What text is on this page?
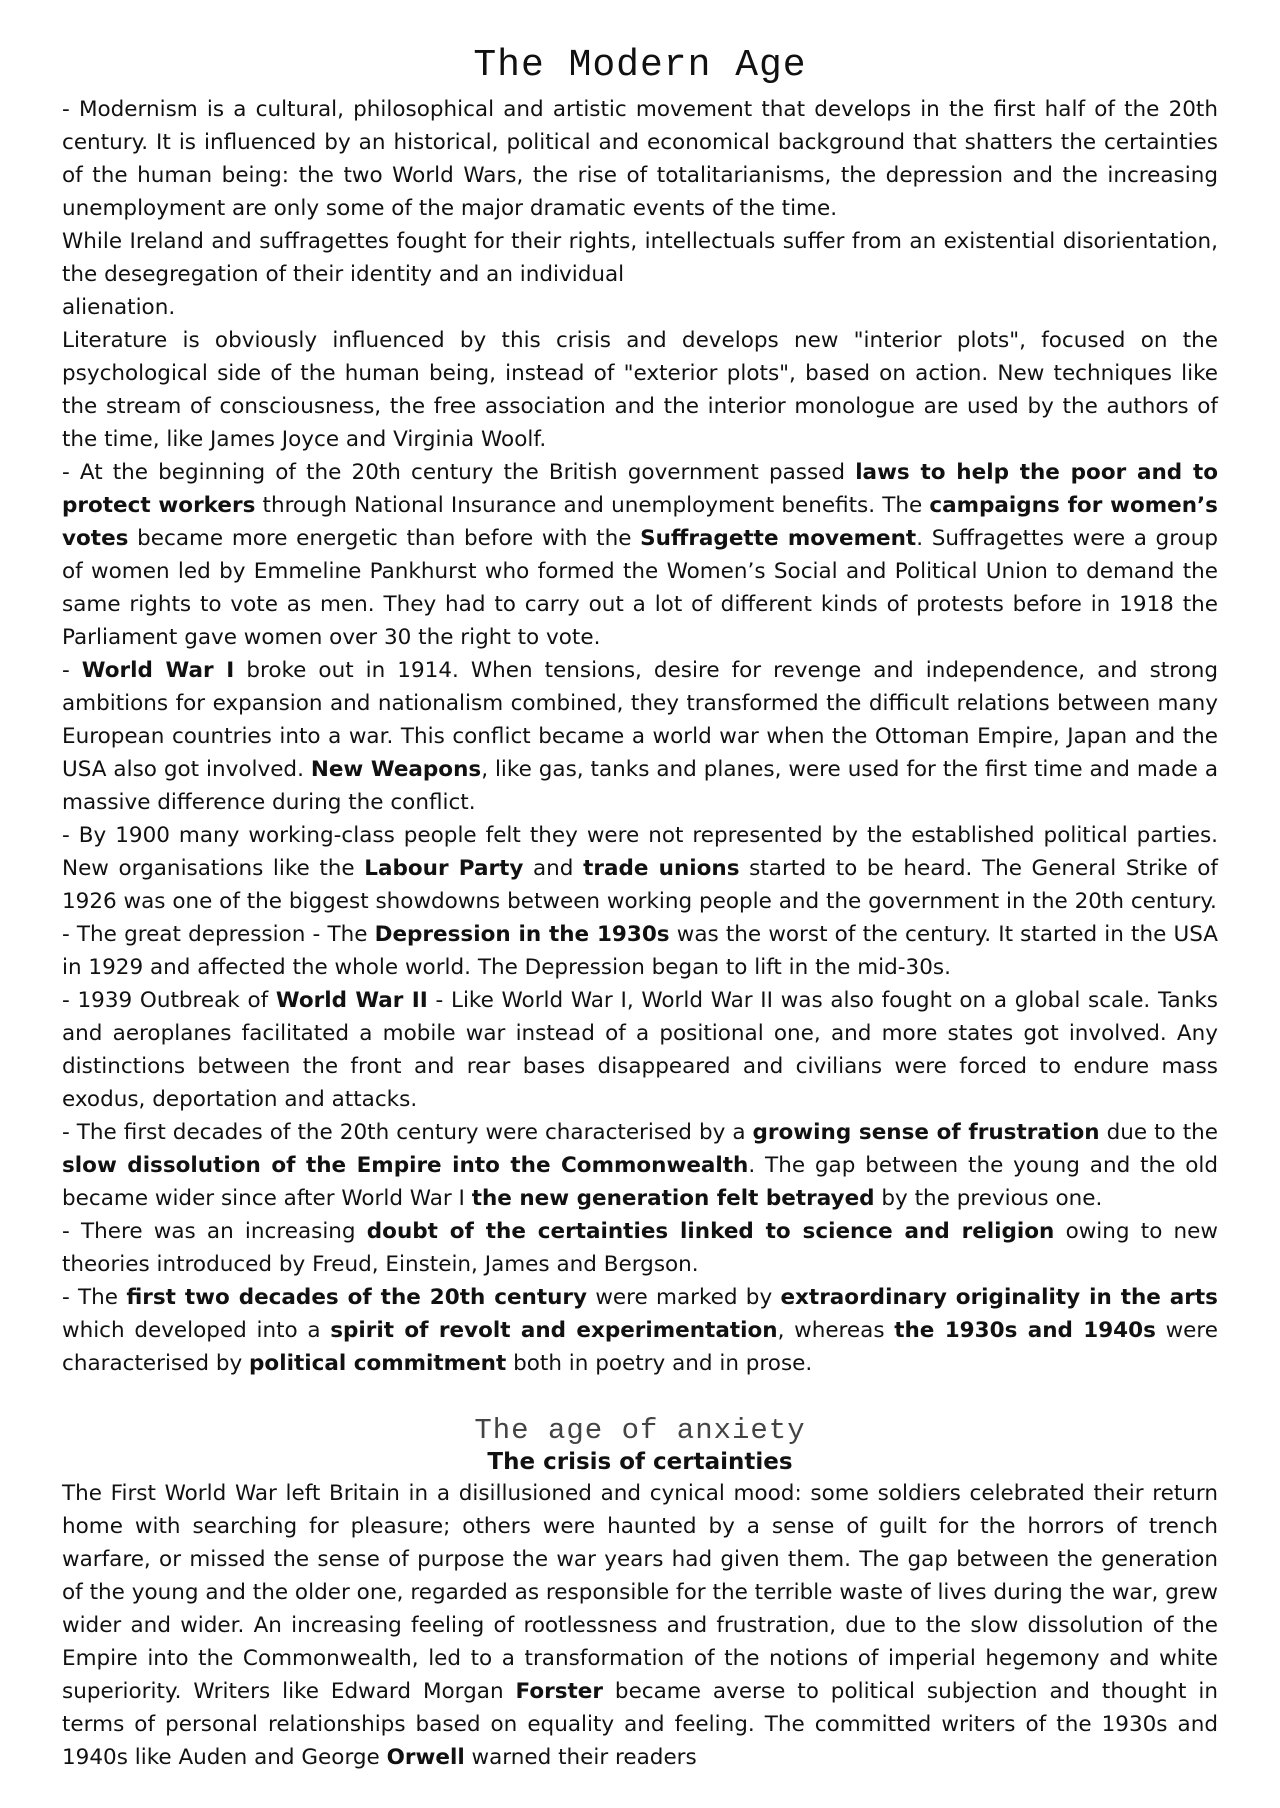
The Modern Age

- Modernism is a cultural, philosophical and artistic movement that develops in the first half of the 20th century. It is influenced by an historical, political and economical background that shatters the certainties of the human being: the two World Wars, the rise of totalitarianisms, the depression and the increasing unemployment are only some of the major dramatic events of the time.

While Ireland and suffragettes fought for their rights, intellectuals suffer from an existential disorientation, the desegregation of their identity and an individual

alienation.

Literature is obviously influenced by this crisis and develops new "interior plots", focused on the psychological side of the human being, instead of "exterior plots", based on action. New techniques like the stream of consciousness, the free association and the interior monologue are used by the authors of the time, like James Joyce and Virginia Woolf.

- At the beginning of the 20th century the British government passed laws to help the poor and to protect workers through National Insurance and unemployment benefits. The campaigns for women’s votes became more energetic than before with the Suffragette movement. Suffragettes were a group of women led by Emmeline Pankhurst who formed the Women’s Social and Political Union to demand the same rights to vote as men. They had to carry out a lot of different kinds of protests before in 1918 the Parliament gave women over 30 the right to vote.

- World War I broke out in 1914. When tensions, desire for revenge and independence, and strong ambitions for expansion and nationalism combined, they transformed the difficult relations between many European countries into a war. This conflict became a world war when the Ottoman Empire, Japan and the USA also got involved. New Weapons, like gas, tanks and planes, were used for the first time and made a massive difference during the conflict.

- By 1900 many working-class people felt they were not represented by the established political parties. New organisations like the Labour Party and trade unions started to be heard. The General Strike of 1926 was one of the biggest showdowns between working people and the government in the 20th century.

- The great depression - The Depression in the 1930s was the worst of the century. It started in the USA in 1929 and affected the whole world. The Depression began to lift in the mid-30s.

- 1939 Outbreak of World War II - Like World War I, World War II was also fought on a global scale. Tanks and aeroplanes facilitated a mobile war instead of a positional one, and more states got involved. Any distinctions between the front and rear bases disappeared and civilians were forced to endure mass exodus, deportation and attacks.

- The first decades of the 20th century were characterised by a growing sense of frustration due to the slow dissolution of the Empire into the Commonwealth. The gap between the young and the old became wider since after World War I the new generation felt betrayed by the previous one.

- There was an increasing doubt of the certainties linked to science and religion owing to new theories introduced by Freud, Einstein, James and Bergson.

- The first two decades of the 20th century were marked by extraordinary originality in the arts which developed into a spirit of revolt and experimentation, whereas the 1930s and 1940s were characterised by political commitment both in poetry and in prose.

The age of anxiety
The crisis of certainties

The First World War left Britain in a disillusioned and cynical mood: some soldiers celebrated their return home with searching for pleasure; others were haunted by a sense of guilt for the horrors of trench warfare, or missed the sense of purpose the war years had given them. The gap between the generation of the young and the older one, regarded as responsible for the terrible waste of lives during the war, grew wider and wider. An increasing feeling of rootlessness and frustration, due to the slow dissolution of the Empire into the Commonwealth, led to a transformation of the notions of imperial hegemony and white superiority. Writers like Edward Morgan Forster became averse to political subjection and thought in terms of personal relationships based on equality and feeling. The committed writers of the 1930s and 1940s like Auden and George Orwell warned their readers
